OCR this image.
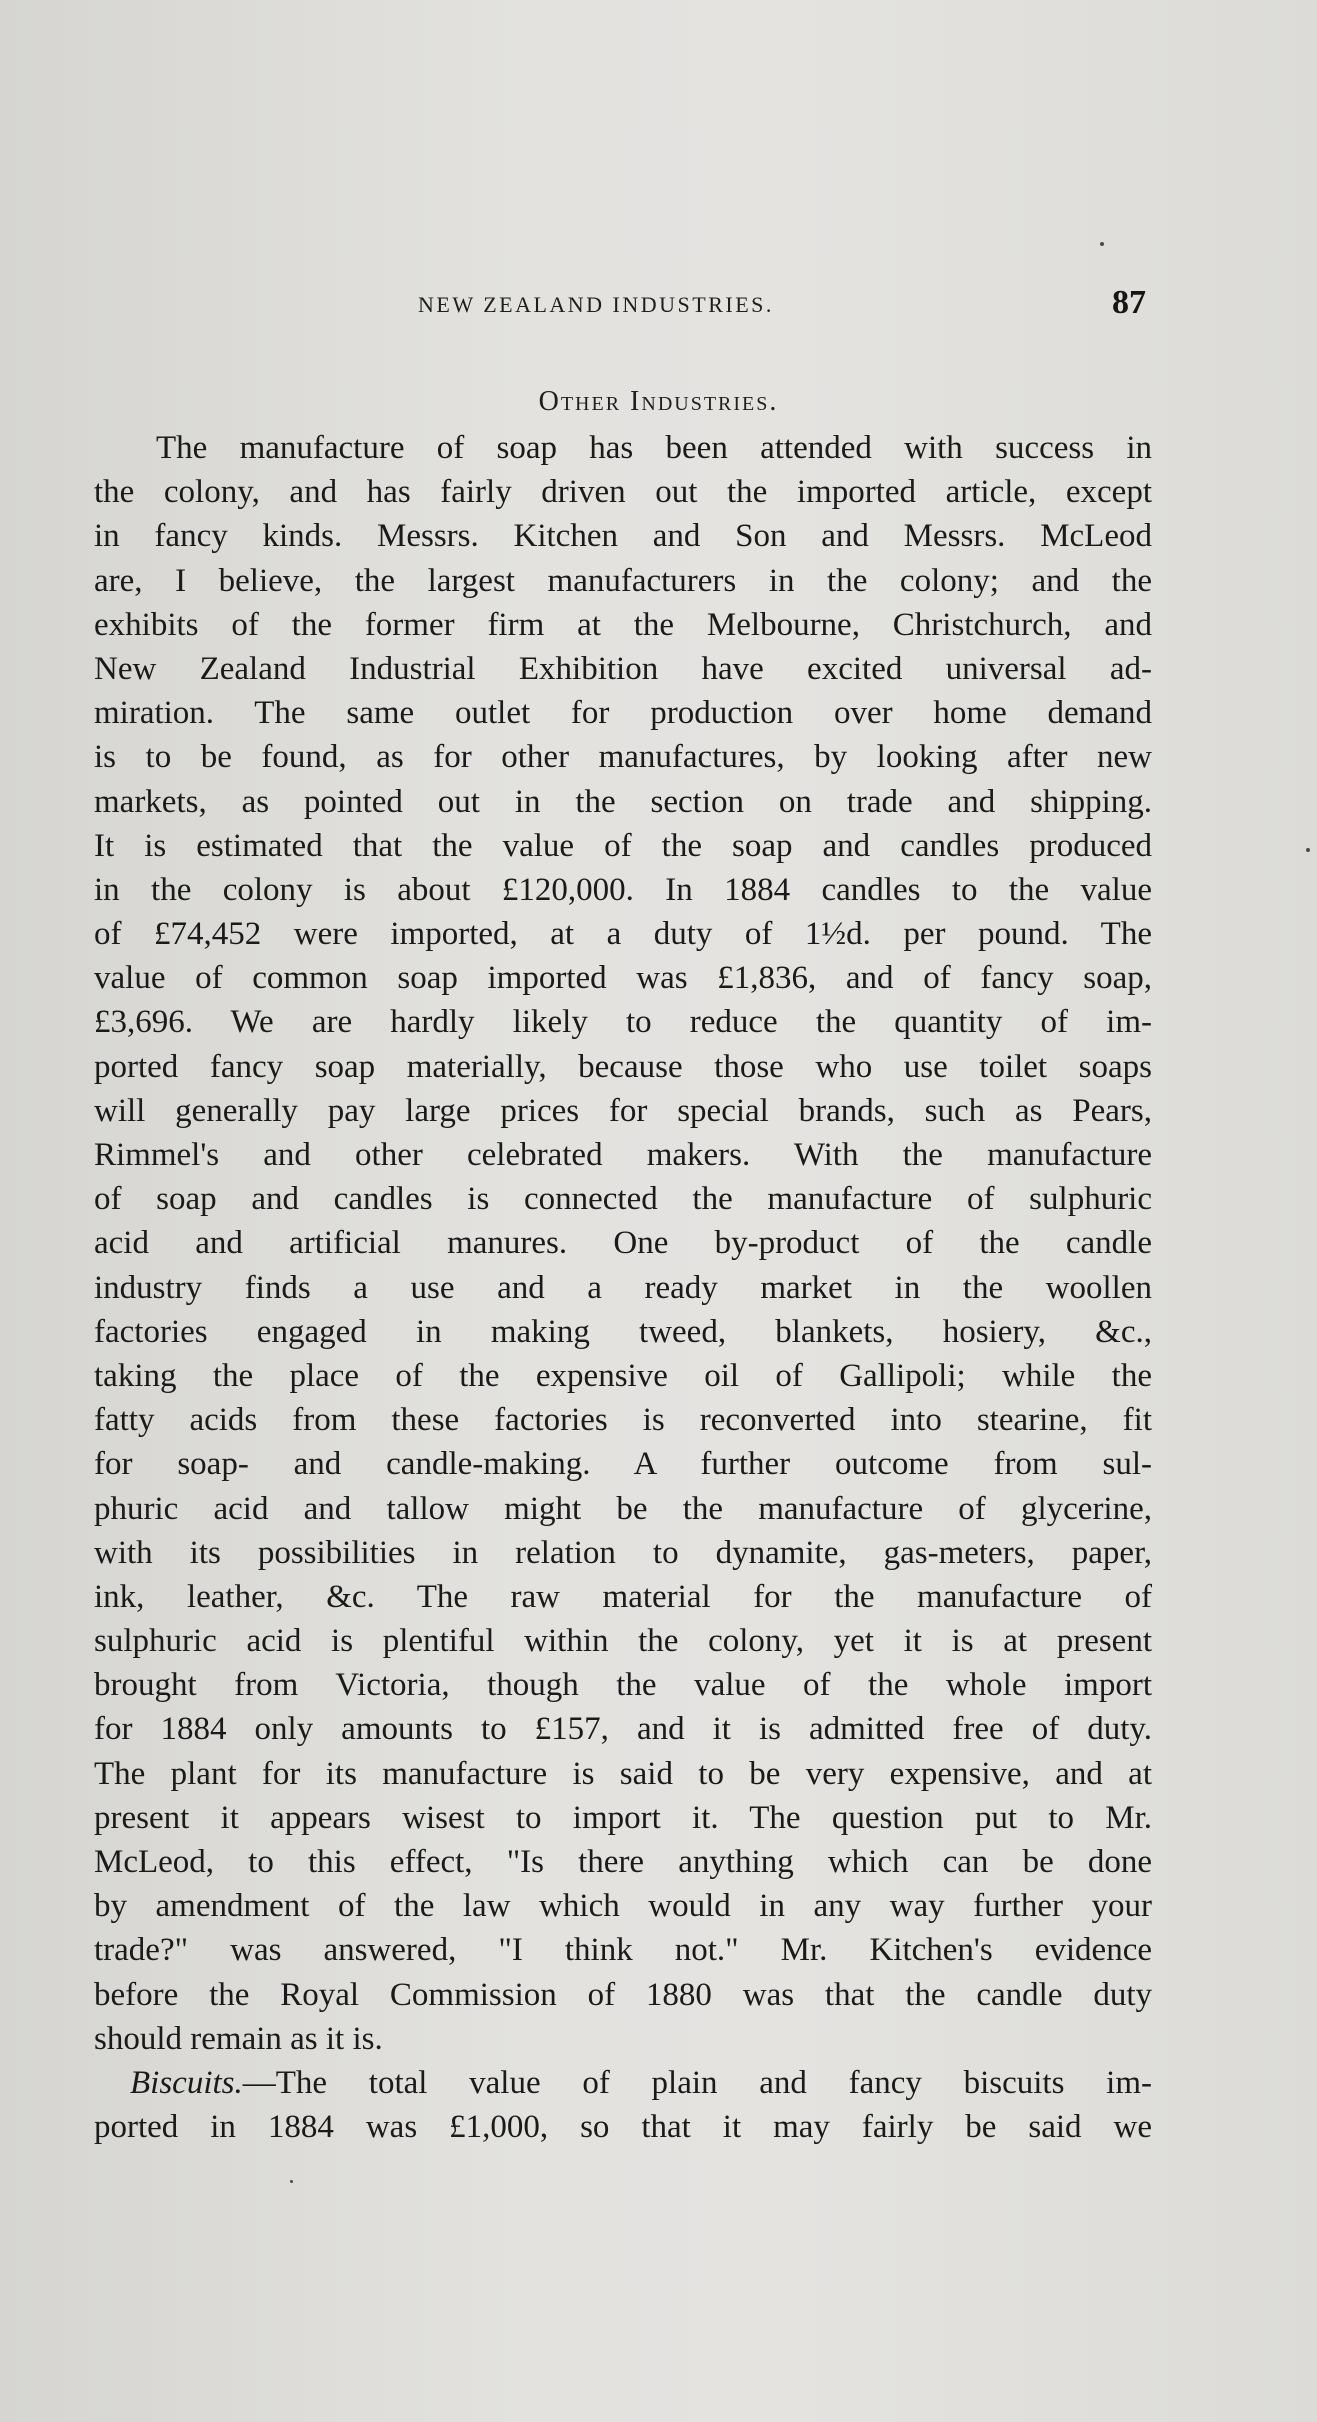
NEW ZEALAND INDUSTRIES.	87
Other Industries.
The manufacture of soap has been attended with success in
the colony, and has fairly driven out the imported article, except
in fancy kinds. Messrs. Kitchen and Son and Messrs. McLeod
are, I believe, the largest manufacturers in the colony; and the
exhibits of the former firm at the Melbourne, Christchurch, and
New Zealand Industrial Exhibition have excited universal ad-
miration. The same outlet for production over home demand
is to be found, as for other manufactures, by looking after new
markets, as pointed out in the section on trade and shipping.
It is estimated that the value of the soap and candles produced
in the colony is about £120,000. In 1884 candles to the value
of £74,452 were imported, at a duty of 1½d. per pound. The
value of common soap imported was £1,836, and of fancy soap,
£3,696. We are hardly likely to reduce the quantity of im-
ported fancy soap materially, because those who use toilet soaps
will generally pay large prices for special brands, such as Pears,
Rimmel's and other celebrated makers. With the manufacture
of soap and candles is connected the manufacture of sulphuric
acid and artificial manures. One by-product of the candle
industry finds a use and a ready market in the woollen
factories engaged in making tweed, blankets, hosiery, &c.,
taking the place of the expensive oil of Gallipoli; while the
fatty acids from these factories is reconverted into stearine, fit
for soap- and candle-making. A further outcome from sul-
phuric acid and tallow might be the manufacture of glycerine,
with its possibilities in relation to dynamite, gas-meters, paper,
ink, leather, &c. The raw material for the manufacture of
sulphuric acid is plentiful within the colony, yet it is at present
brought from Victoria, though the value of the whole import
for 1884 only amounts to £157, and it is admitted free of duty.
The plant for its manufacture is said to be very expensive, and at
present it appears wisest to import it. The question put to Mr.
McLeod, to this effect, "Is there anything which can be done
by amendment of the law which would in any way further your
trade?" was answered, "I think not." Mr. Kitchen's evidence
before the Royal Commission of 1880 was that the candle duty
should remain as it is.
Biscuits.—The total value of plain and fancy biscuits im-
ported in 1884 was £1,000, so that it may fairly be said we
